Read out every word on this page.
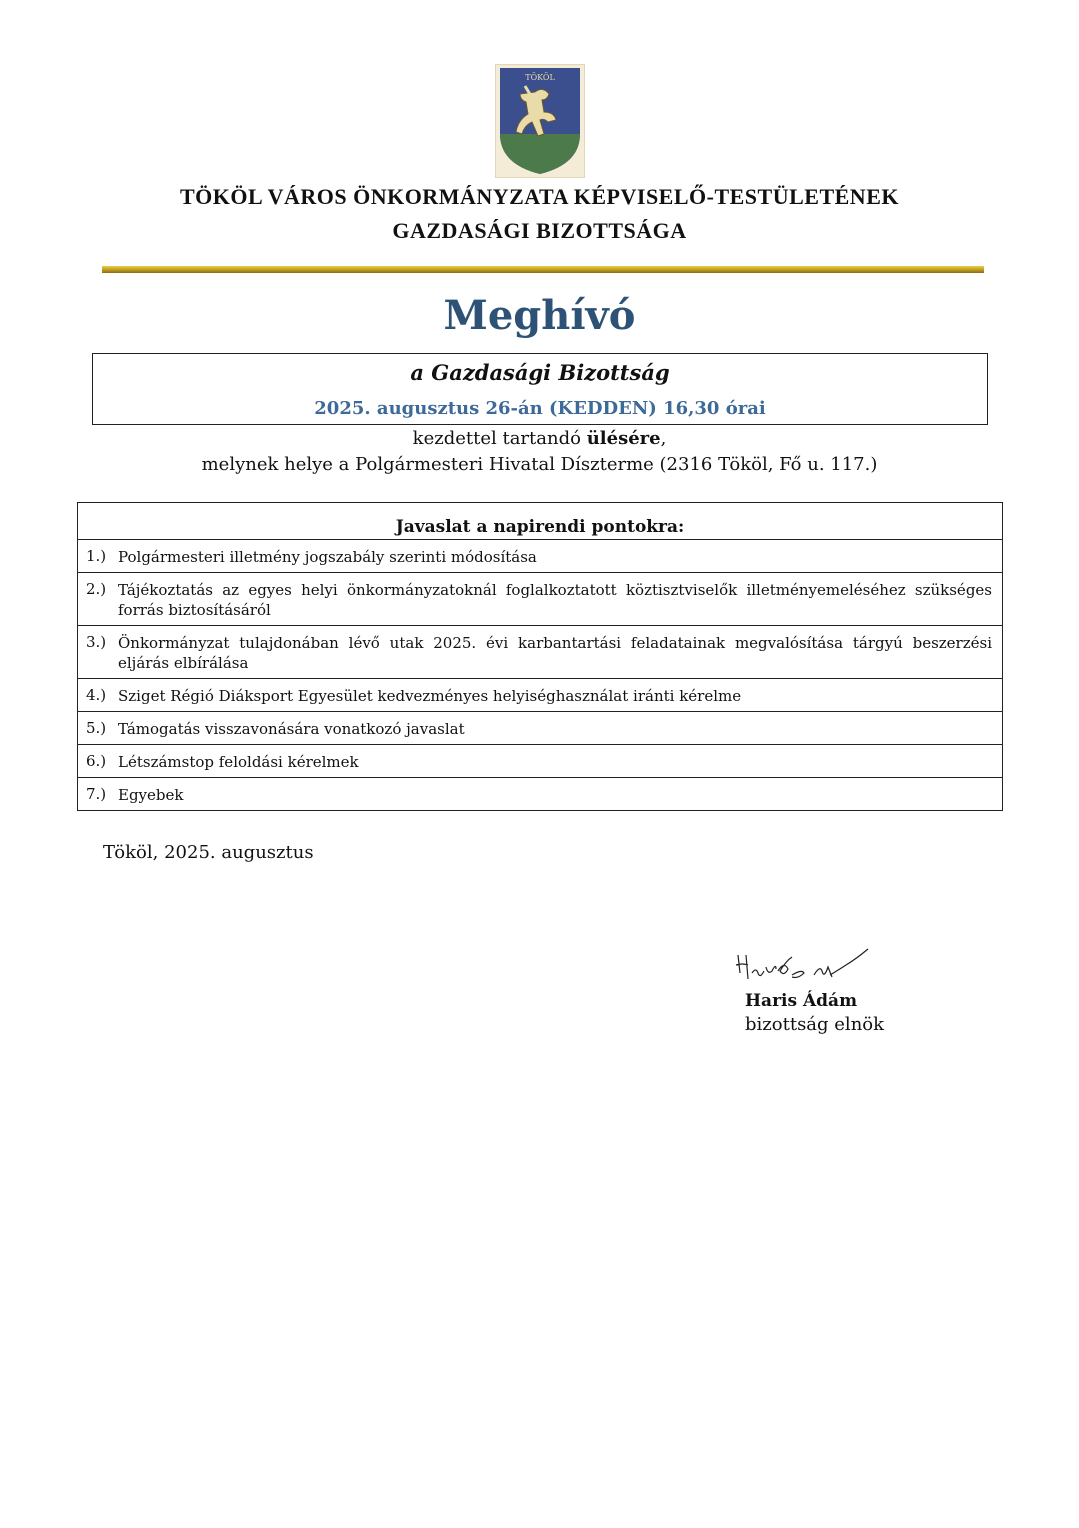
TÖKÖL
TÖKÖL VÁROS ÖNKORMÁNYZATA KÉPVISELŐ-TESTÜLETÉNEK
GAZDASÁGI BIZOTTSÁGA
Meghívó
a Gazdasági Bizottság
2025. augusztus 26-án (KEDDEN) 16,30 órai
kezdettel tartandó ülésére,
melynek helye a Polgármesteri Hivatal Díszterme (2316 Tököl, Fő u. 117.)
Javaslat a napirendi pontokra:

1.) Polgármesteri illetmény jogszabály szerinti módosítása

2.) Tájékoztatás az egyes helyi önkormányzatoknál foglalkoztatott köztisztviselők illetményemeléséhez szükséges forrás biztosításáról

3.) Önkormányzat tulajdonában lévő utak 2025. évi karbantartási feladatainak megvalósítása tárgyú beszerzési eljárás elbírálása

4.) Sziget Régió Diáksport Egyesület kedvezményes helyiséghasználat iránti kérelme

5.) Támogatás visszavonására vonatkozó javaslat

6.) Létszámstop feloldási kérelmek

7.) Egyebek
Tököl, 2025. augusztus
Haris Ádám
bizottság elnök
